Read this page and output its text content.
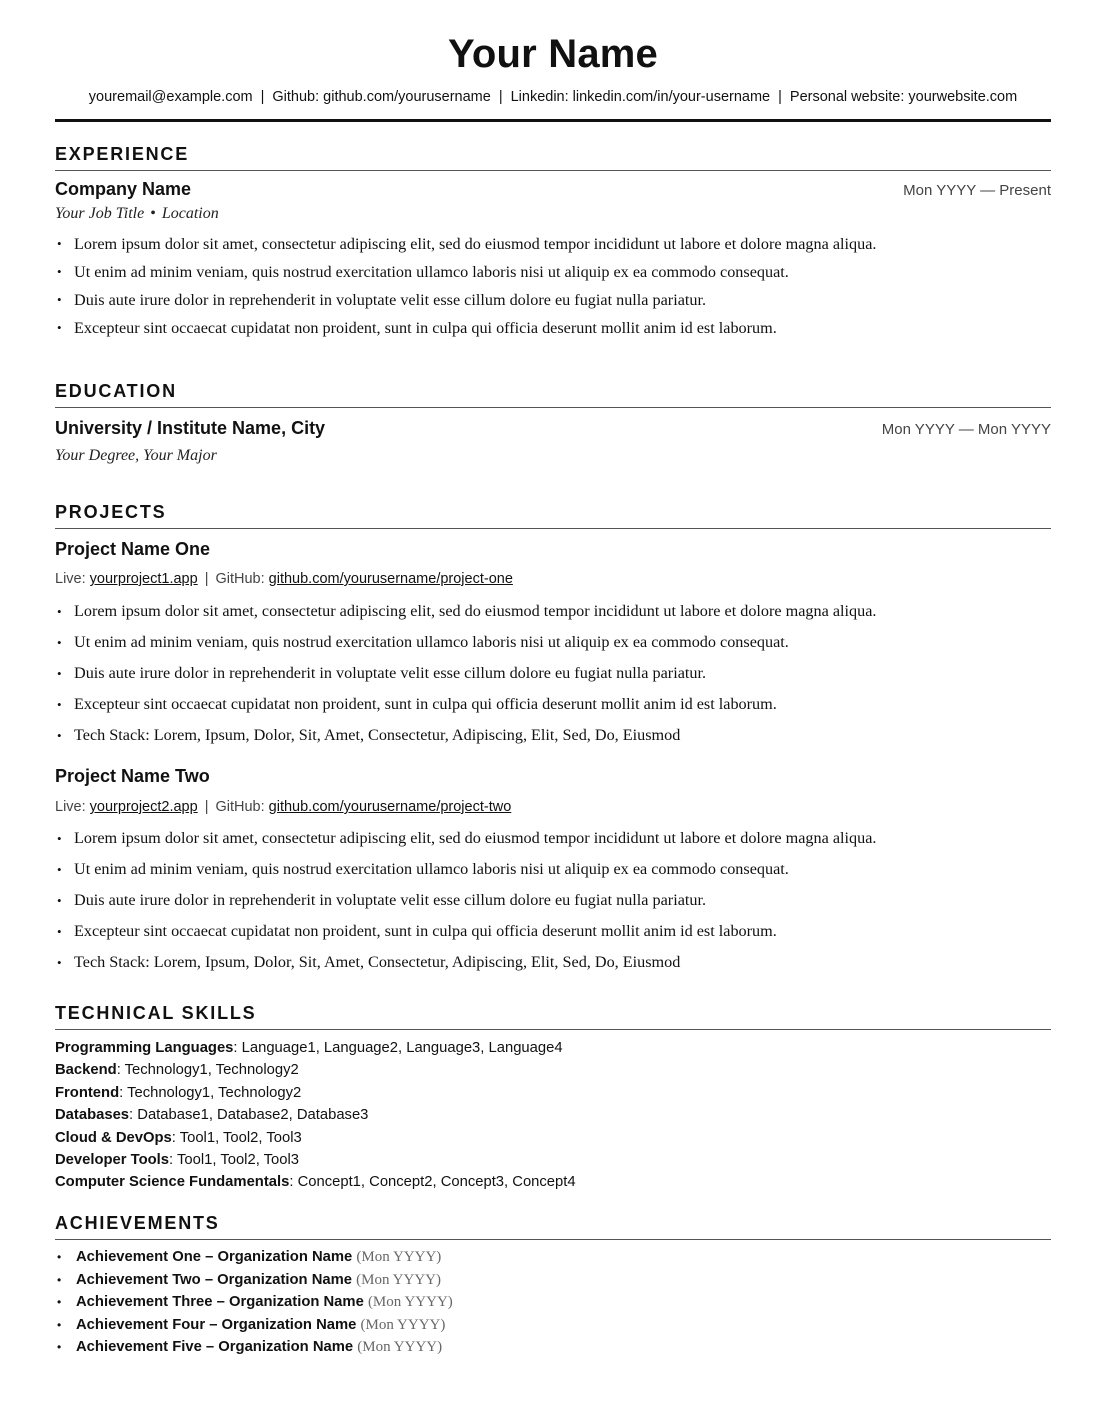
Your Name
youremail@example.com | Github: github.com/yourusername | Linkedin: linkedin.com/in/your-username | Personal website: yourwebsite.com
EXPERIENCE
Company Name	Mon YYYY — Present
Your Job Title • Location
• Lorem ipsum dolor sit amet, consectetur adipiscing elit, sed do eiusmod tempor incididunt ut labore et dolore magna aliqua.
• Ut enim ad minim veniam, quis nostrud exercitation ullamco laboris nisi ut aliquip ex ea commodo consequat.
• Duis aute irure dolor in reprehenderit in voluptate velit esse cillum dolore eu fugiat nulla pariatur.
• Excepteur sint occaecat cupidatat non proident, sunt in culpa qui officia deserunt mollit anim id est laborum.
EDUCATION
University / Institute Name, City	Mon YYYY — Mon YYYY
Your Degree, Your Major
PROJECTS
Project Name One
Live: yourproject1.app | GitHub: github.com/yourusername/project-one
• Lorem ipsum dolor sit amet, consectetur adipiscing elit, sed do eiusmod tempor incididunt ut labore et dolore magna aliqua.
• Ut enim ad minim veniam, quis nostrud exercitation ullamco laboris nisi ut aliquip ex ea commodo consequat.
• Duis aute irure dolor in reprehenderit in voluptate velit esse cillum dolore eu fugiat nulla pariatur.
• Excepteur sint occaecat cupidatat non proident, sunt in culpa qui officia deserunt mollit anim id est laborum.
• Tech Stack: Lorem, Ipsum, Dolor, Sit, Amet, Consectetur, Adipiscing, Elit, Sed, Do, Eiusmod
Project Name Two
Live: yourproject2.app | GitHub: github.com/yourusername/project-two
• Lorem ipsum dolor sit amet, consectetur adipiscing elit, sed do eiusmod tempor incididunt ut labore et dolore magna aliqua.
• Ut enim ad minim veniam, quis nostrud exercitation ullamco laboris nisi ut aliquip ex ea commodo consequat.
• Duis aute irure dolor in reprehenderit in voluptate velit esse cillum dolore eu fugiat nulla pariatur.
• Excepteur sint occaecat cupidatat non proident, sunt in culpa qui officia deserunt mollit anim id est laborum.
• Tech Stack: Lorem, Ipsum, Dolor, Sit, Amet, Consectetur, Adipiscing, Elit, Sed, Do, Eiusmod
TECHNICAL SKILLS
Programming Languages: Language1, Language2, Language3, Language4
Backend: Technology1, Technology2
Frontend: Technology1, Technology2
Databases: Database1, Database2, Database3
Cloud & DevOps: Tool1, Tool2, Tool3
Developer Tools: Tool1, Tool2, Tool3
Computer Science Fundamentals: Concept1, Concept2, Concept3, Concept4
ACHIEVEMENTS
• Achievement One – Organization Name (Mon YYYY)
• Achievement Two – Organization Name (Mon YYYY)
• Achievement Three – Organization Name (Mon YYYY)
• Achievement Four – Organization Name (Mon YYYY)
• Achievement Five – Organization Name (Mon YYYY)
